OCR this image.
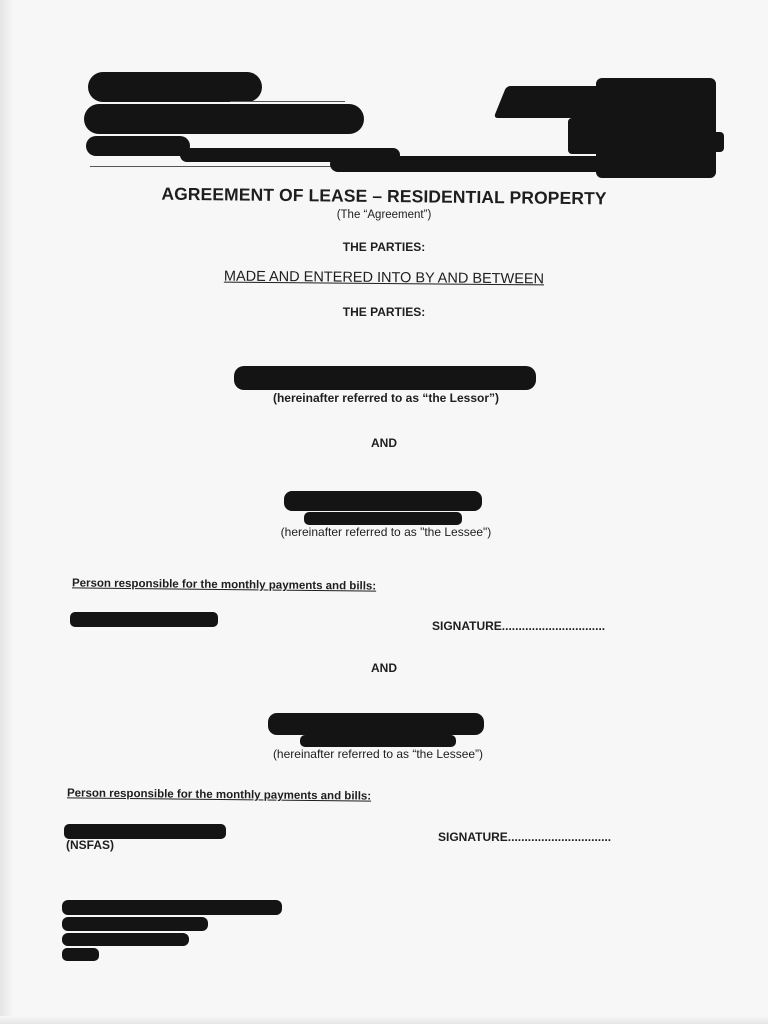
AGREEMENT OF LEASE – RESIDENTIAL PROPERTY
(The “Agreement”)
THE PARTIES:
MADE AND ENTERED INTO BY AND BETWEEN
THE PARTIES:
(hereinafter referred to as “the Lessor”)
AND
(hereinafter referred to as "the Lessee")
Person responsible for the monthly payments and bills:
SIGNATURE...............................
AND
(hereinafter referred to as “the Lessee”)
Person responsible for the monthly payments and bills:
(NSFAS)
SIGNATURE...............................
